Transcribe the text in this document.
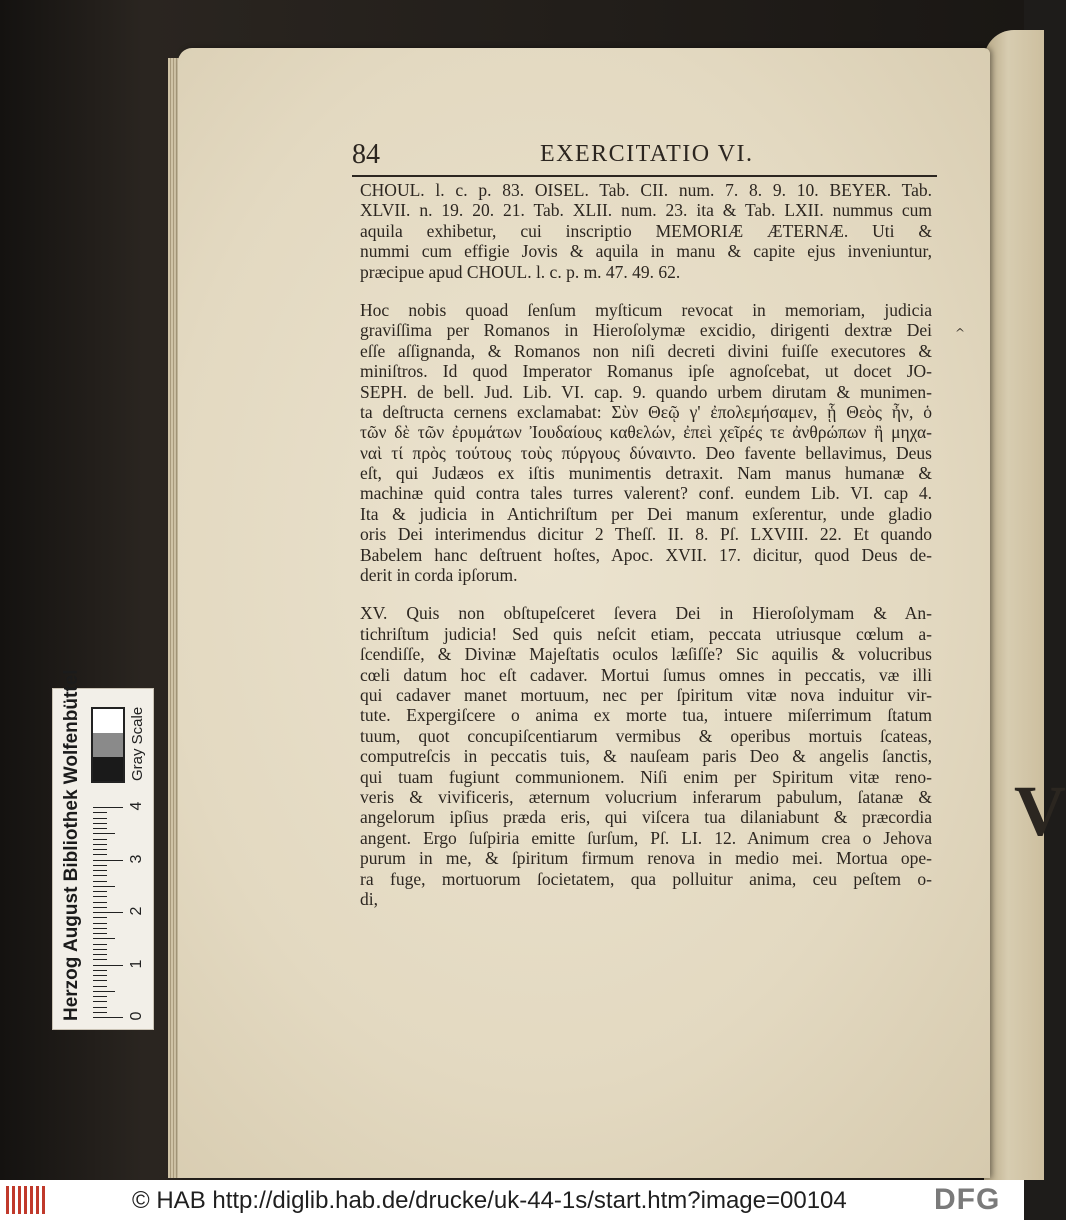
V
^
84	EXERCITATIO VI.
CHOUL. l. c. p. 83. OISEL. Tab. CII. num. 7. 8. 9. 10. BEYER. Tab.
XLVII. n. 19. 20. 21. Tab. XLII. num. 23. ita & Tab. LXII. nummus cum
aquila exhibetur, cui inscriptio MEMORIÆ ÆTERNÆ. Uti &
nummi cum effigie Jovis & aquila in manu & capite ejus inveniuntur,
præcipue apud CHOUL. l. c. p. m. 47. 49. 62.
Hoc nobis quoad ſenſum myſticum revocat in memoriam, judicia
graviſſima per Romanos in Hieroſolymæ excidio, dirigenti dextræ Dei
eſſe aſſignanda, & Romanos non niſi decreti divini fuiſſe executores &
miniſtros. Id quod Imperator Romanus ipſe agnoſcebat, ut docet JO-
SEPH. de bell. Jud. Lib. VI. cap. 9. quando urbem dirutam & munimen-
ta deſtructa cernens exclamabat: Σὺν Θεῷ γ' ἐπολεμήσαμεν, ᾗ Θεὸς ἦν, ὁ
τῶν δὲ τῶν ἐρυμάτων Ἰουδαίους καθελών, ἐπεὶ χεῖρές τε ἀνθρώπων ἢ μηχα-
ναὶ τί πρὸς τούτους τοὺς πύργους δύναιντο. Deo favente bellavimus, Deus
eſt, qui Judæos ex iſtis munimentis detraxit. Nam manus humanæ &
machinæ quid contra tales turres valerent? conf. eundem Lib. VI. cap 4.
Ita & judicia in Antichriſtum per Dei manum exſerentur, unde gladio
oris Dei interimendus dicitur 2 Theſſ. II. 8. Pſ. LXVIII. 22. Et quando
Babelem hanc deſtruent hoſtes, Apoc. XVII. 17. dicitur, quod Deus de-
derit in corda ipſorum.
XV. Quis non obſtupeſceret ſevera Dei in Hieroſolymam & An-
tichriſtum judicia! Sed quis neſcit etiam, peccata utriusque cœlum a-
ſcendiſſe, & Divinæ Majeſtatis oculos læſiſſe? Sic aquilis & volucribus
cœli datum hoc eſt cadaver. Mortui ſumus omnes in peccatis, væ illi
qui cadaver manet mortuum, nec per ſpiritum vitæ nova induitur vir-
tute. Expergiſcere o anima ex morte tua, intuere miſerrimum ſtatum
tuum, quot concupiſcentiarum vermibus & operibus mortuis ſcateas,
computreſcis in peccatis tuis, & nauſeam paris Deo & angelis ſanctis,
qui tuam fugiunt communionem. Niſi enim per Spiritum vitæ reno-
veris & vivificeris, æternum volucrium inferarum pabulum, ſatanæ &
angelorum ipſius præda eris, qui viſcera tua dilaniabunt & præcordia
angent. Ergo ſuſpiria emitte ſurſum, Pſ. LI. 12. Animum crea o Jehova
purum in me, & ſpiritum firmum renova in medio mei. Mortua ope-
ra fuge, mortuorum ſocietatem, qua polluitur anima, ceu peſtem o-
di,
Herzog August Bibliothek Wolfenbüttel	Gray Scale
0
1
2
3
4
© HAB http://diglib.hab.de/drucke/uk-44-1s/start.htm?image=00104	DFG
